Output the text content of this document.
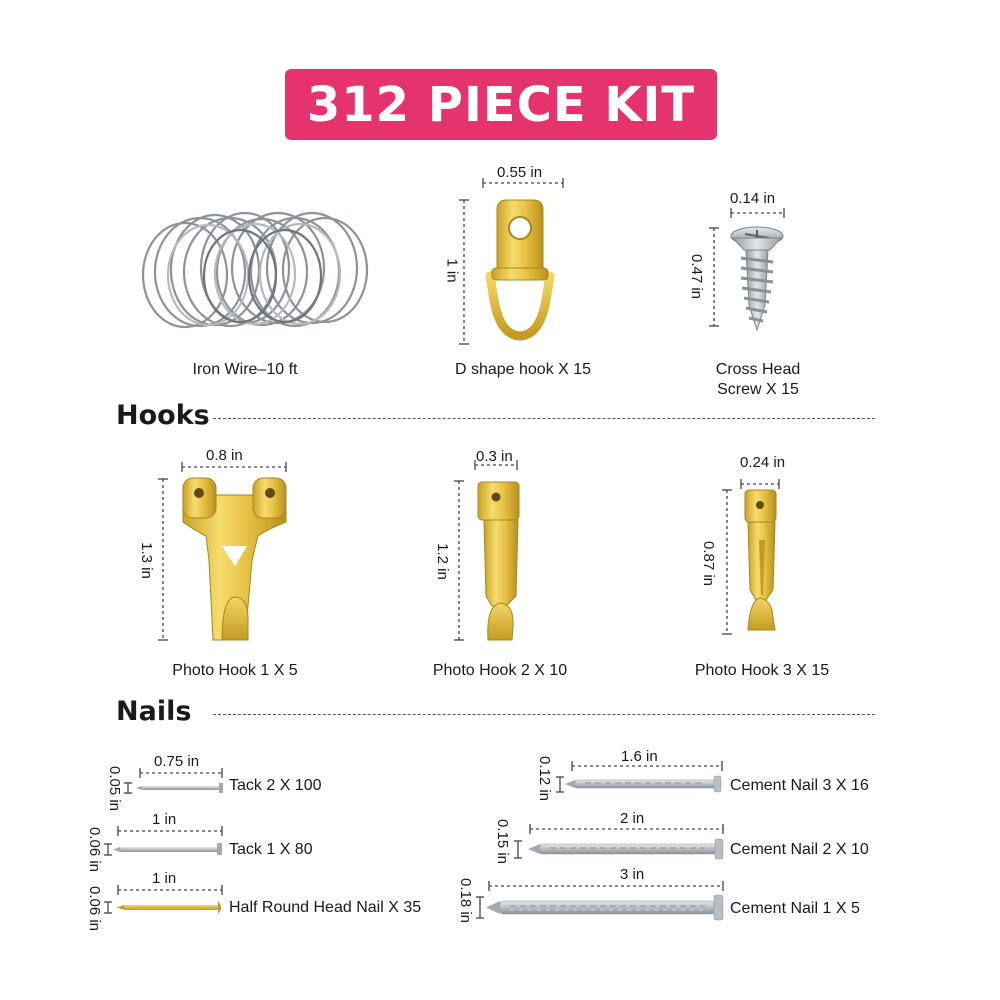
312 PIECE KIT
Iron Wire–10 ft	D shape hook X 15	Cross Head
Screw X 15
0.55 in
1 in
0.14 in
0.47 in
Hooks
0.8 in
1.3 in
0.3 in
1.2 in
0.24 in
0.87 in
Photo Hook 1 X 5	Photo Hook 2 X 10	Photo Hook 3 X 15
Nails
0.75 in
0.05 in	Tack 2 X 100
1 in
0.06 in	Tack 1 X 80
1 in
0.06 in	Half Round Head Nail X 35
1.6 in
0.12 in	Cement Nail 3 X 16
2 in
0.15 in	Cement Nail 2 X 10
3 in
0.18 in	Cement Nail 1 X 5
